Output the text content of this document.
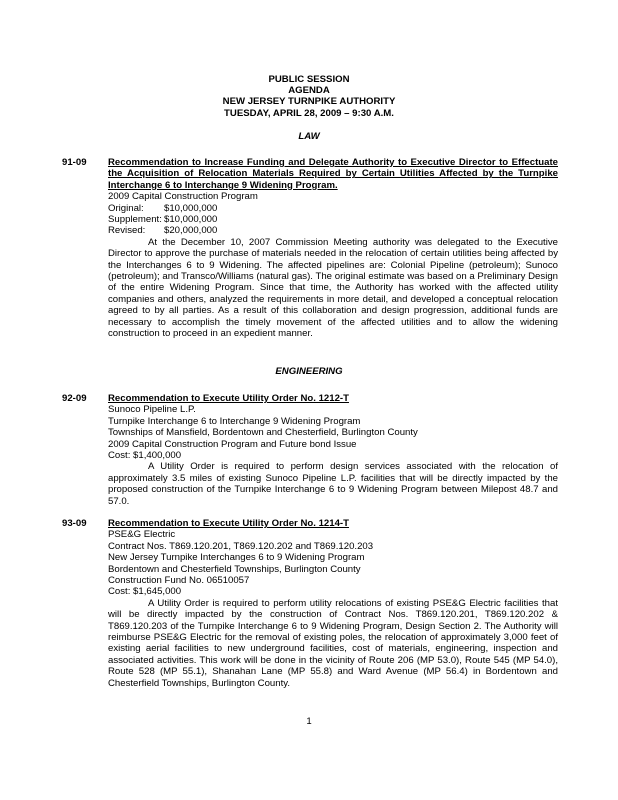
PUBLIC SESSION
AGENDA
NEW JERSEY TURNPIKE AUTHORITY
TUESDAY, APRIL 28, 2009 – 9:30 A.M.
LAW
91-09 Recommendation to Increase Funding and Delegate Authority to Executive Director to Effectuate the Acquisition of Relocation Materials Required by Certain Utilities Affected by the Turnpike Interchange 6 to Interchange 9 Widening Program.
2009 Capital Construction Program
Original: $10,000,000
Supplement: $10,000,000
Revised: $20,000,000
At the December 10, 2007 Commission Meeting authority was delegated to the Executive Director to approve the purchase of materials needed in the relocation of certain utilities being affected by the Interchanges 6 to 9 Widening. The affected pipelines are: Colonial Pipeline (petroleum); Sunoco (petroleum); and Transco/Williams (natural gas). The original estimate was based on a Preliminary Design of the entire Widening Program. Since that time, the Authority has worked with the affected utility companies and others, analyzed the requirements in more detail, and developed a conceptual relocation agreed to by all parties. As a result of this collaboration and design progression, additional funds are necessary to accomplish the timely movement of the affected utilities and to allow the widening construction to proceed in an expedient manner.
ENGINEERING
92-09 Recommendation to Execute Utility Order No. 1212-T
Sunoco Pipeline L.P.
Turnpike Interchange 6 to Interchange 9 Widening Program
Townships of Mansfield, Bordentown and Chesterfield, Burlington County
2009 Capital Construction Program and Future bond Issue
Cost: $1,400,000
A Utility Order is required to perform design services associated with the relocation of approximately 3.5 miles of existing Sunoco Pipeline L.P. facilities that will be directly impacted by the proposed construction of the Turnpike Interchange 6 to 9 Widening Program between Milepost 48.7 and 57.0.
93-09 Recommendation to Execute Utility Order No. 1214-T
PSE&G Electric
Contract Nos. T869.120.201, T869.120.202 and T869.120.203
New Jersey Turnpike Interchanges 6 to 9 Widening Program
Bordentown and Chesterfield Townships, Burlington County
Construction Fund No. 06510057
Cost: $1,645,000
A Utility Order is required to perform utility relocations of existing PSE&G Electric facilities that will be directly impacted by the construction of Contract Nos. T869.120.201, T869.120.202 & T869.120.203 of the Turnpike Interchange 6 to 9 Widening Program, Design Section 2. The Authority will reimburse PSE&G Electric for the removal of existing poles, the relocation of approximately 3,000 feet of existing aerial facilities to new underground facilities, cost of materials, engineering, inspection and associated activities. This work will be done in the vicinity of Route 206 (MP 53.0), Route 545 (MP 54.0), Route 528 (MP 55.1), Shanahan Lane (MP 55.8) and Ward Avenue (MP 56.4) in Bordentown and Chesterfield Townships, Burlington County.
1
